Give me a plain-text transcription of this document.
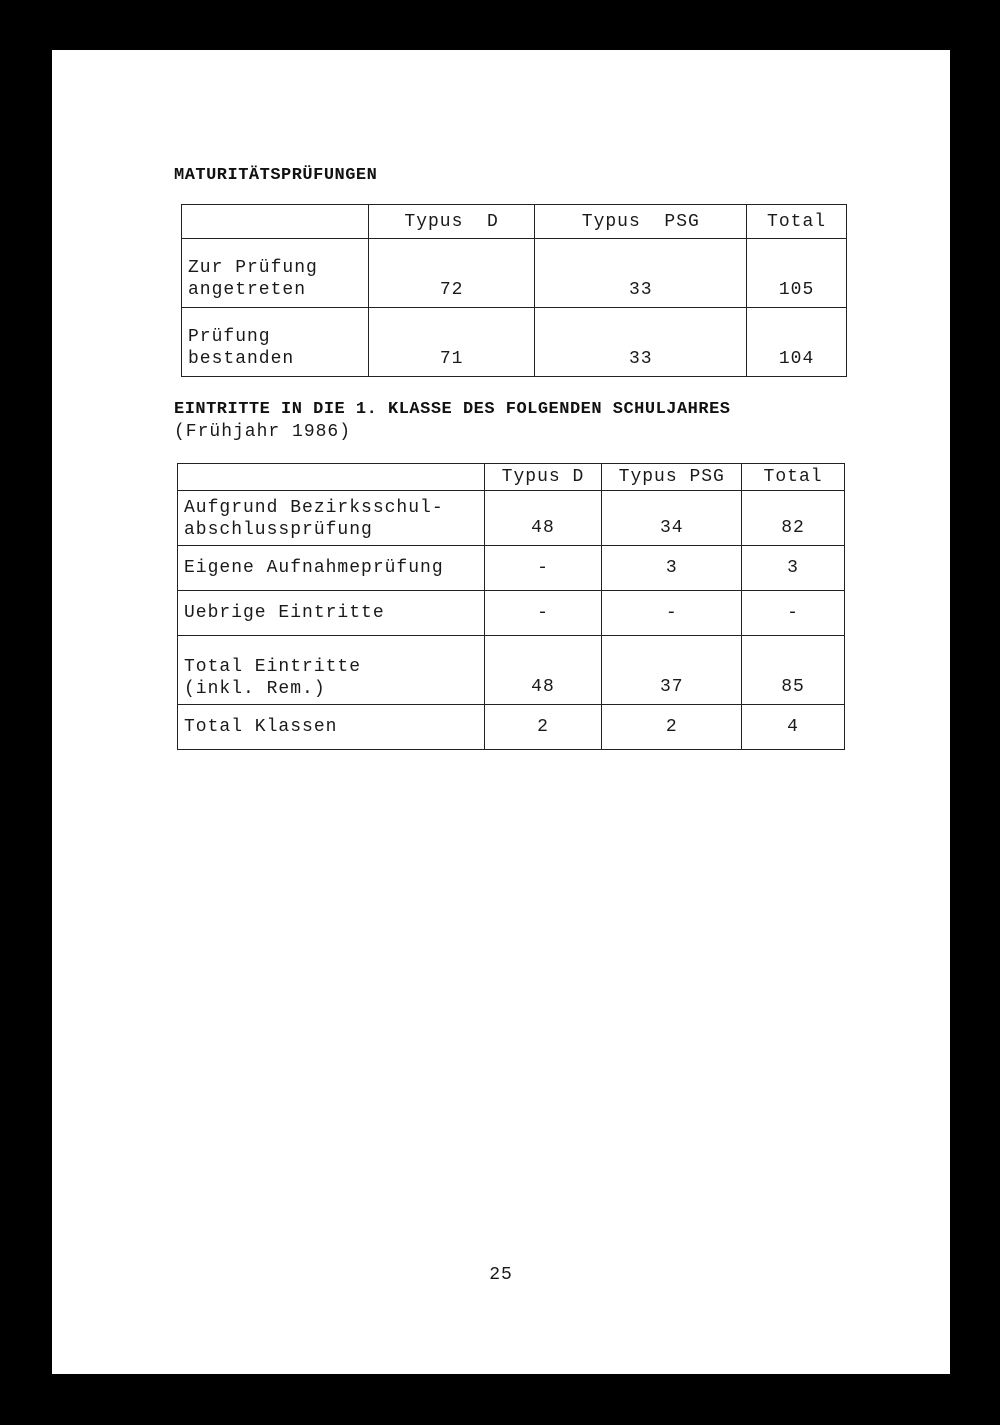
MATURITÄTSPRÜFUNGEN
	Typus  D	Typus  PSG	Total

Zur Prüfung
angetreten	72	33	105

Prüfung
bestanden	71	33	104
EINTRITTE IN DIE 1. KLASSE DES FOLGENDEN SCHULJAHRES
(Frühjahr 1986)
	Typus D	Typus PSG	Total

Aufgrund Bezirksschul-
abschlussprüfung	48	34	82
Eigene Aufnahmeprüfung	-	3	3
Uebrige Eintritte	-	-	-

Total Eintritte
(inkl. Rem.)	48	37	85
Total Klassen	2	2	4
25
